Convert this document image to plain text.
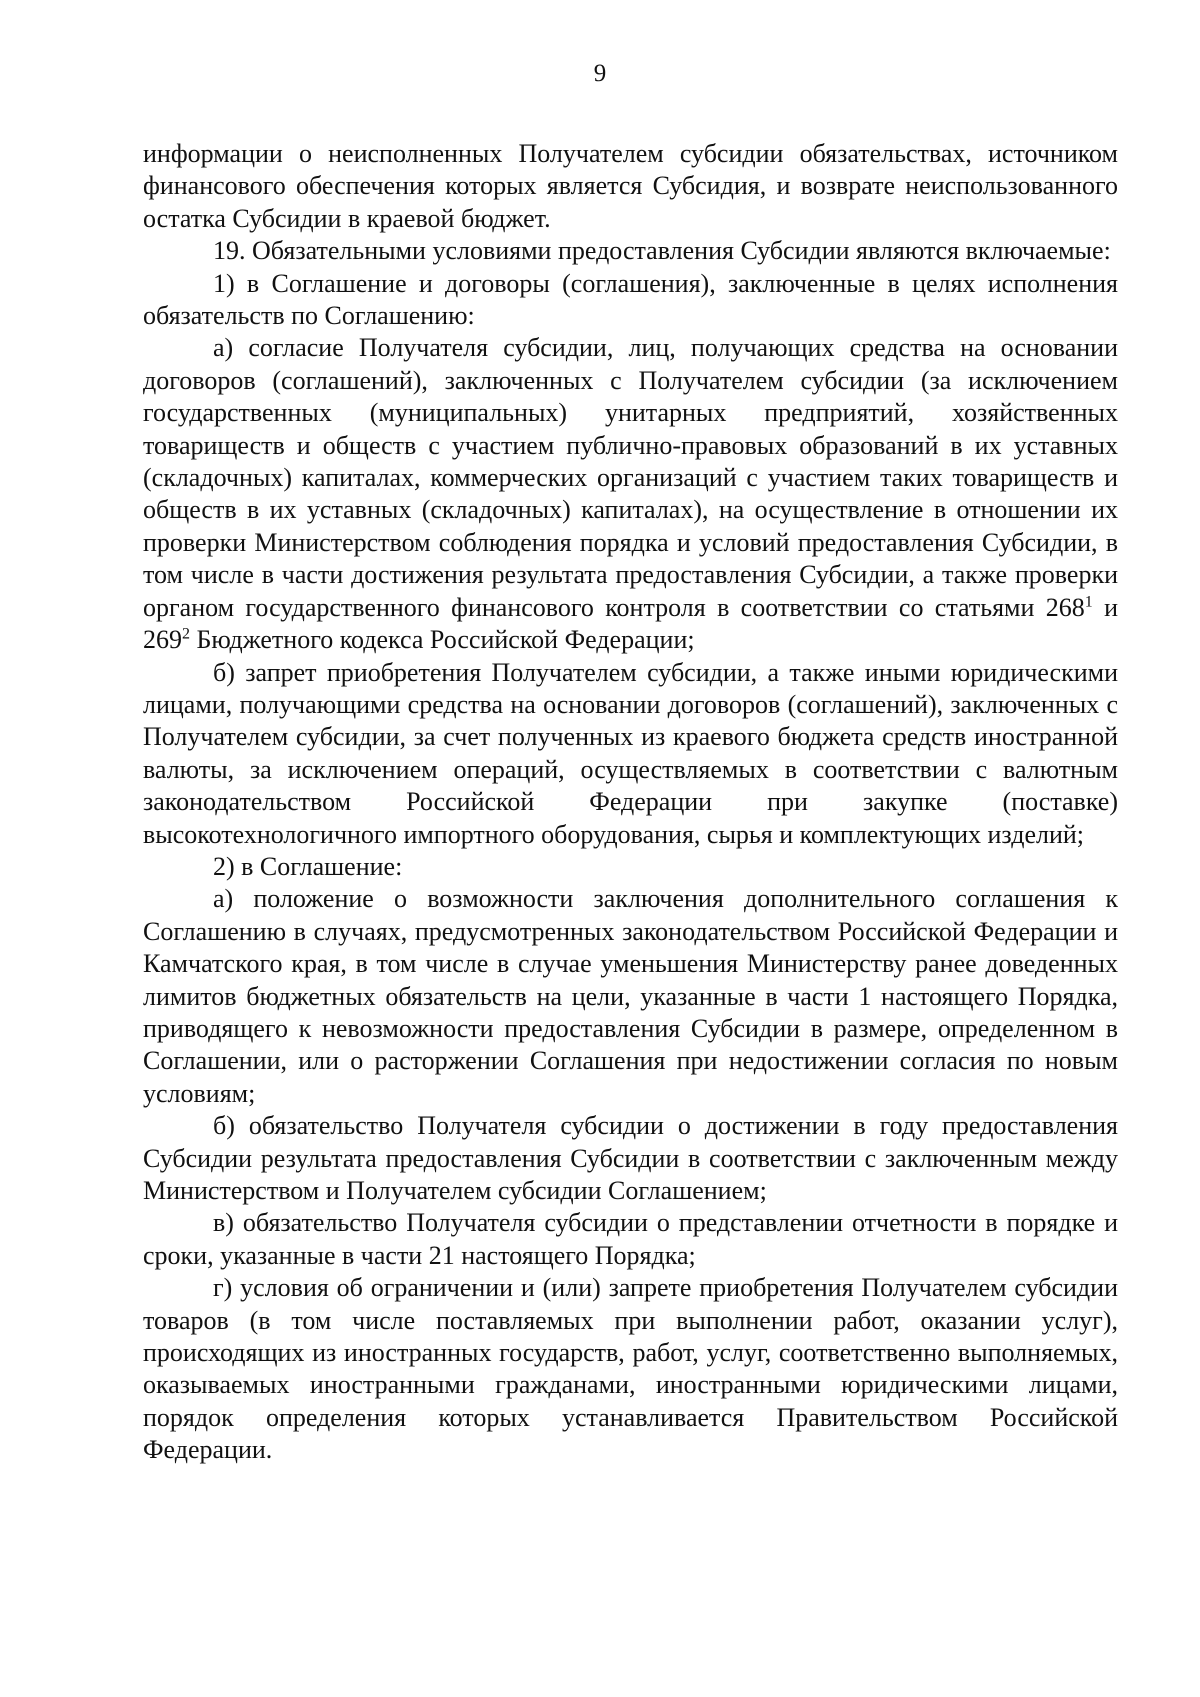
9

информации о неисполненных Получателем субсидии обязательствах, источником финансового обеспечения которых является Субсидия, и возврате неиспользованного остатка Субсидии в краевой бюджет.

19. Обязательными условиями предоставления Субсидии являются включаемые:

1) в Соглашение и договоры (соглашения), заключенные в целях исполнения обязательств по Соглашению:

а) согласие Получателя субсидии, лиц, получающих средства на основании договоров (соглашений), заключенных с Получателем субсидии (за исключением государственных (муниципальных) унитарных предприятий, хозяйственных товариществ и обществ с участием публично-правовых образований в их уставных (складочных) капиталах, коммерческих организаций с участием таких товариществ и обществ в их уставных (складочных) капиталах), на осуществление в отношении их проверки Министерством соблюдения порядка и условий предоставления Субсидии, в том числе в части достижения результата предоставления Субсидии, а также проверки органом государственного финансового контроля в соответствии со статьями $268^1$ и $269^2$ Бюджетного кодекса Российской Федерации;

б) запрет приобретения Получателем субсидии, а также иными юридическими лицами, получающими средства на основании договоров (соглашений), заключенных с Получателем субсидии, за счет полученных из краевого бюджета средств иностранной валюты, за исключением операций, осуществляемых в соответствии с валютным законодательством Российской Федерации при закупке (поставке) высокотехнологичного импортного оборудования, сырья и комплектующих изделий;

2) в Соглашение:

а) положение о возможности заключения дополнительного соглашения к Соглашению в случаях, предусмотренных законодательством Российской Федерации и Камчатского края, в том числе в случае уменьшения Министерству ранее доведенных лимитов бюджетных обязательств на цели, указанные в части 1 настоящего Порядка, приводящего к невозможности предоставления Субсидии в размере, определенном в Соглашении, или о расторжении Соглашения при недостижении согласия по новым условиям;

б) обязательство Получателя субсидии о достижении в году предоставления Субсидии результата предоставления Субсидии в соответствии с заключенным между Министерством и Получателем субсидии Соглашением;

в) обязательство Получателя субсидии о представлении отчетности в порядке и сроки, указанные в части 21 настоящего Порядка;

г) условия об ограничении и (или) запрете приобретения Получателем субсидии товаров (в том числе поставляемых при выполнении работ, оказании услуг), происходящих из иностранных государств, работ, услуг, соответственно выполняемых, оказываемых иностранными гражданами, иностранными юридическими лицами, порядок определения которых устанавливается Правительством Российской Федерации.
